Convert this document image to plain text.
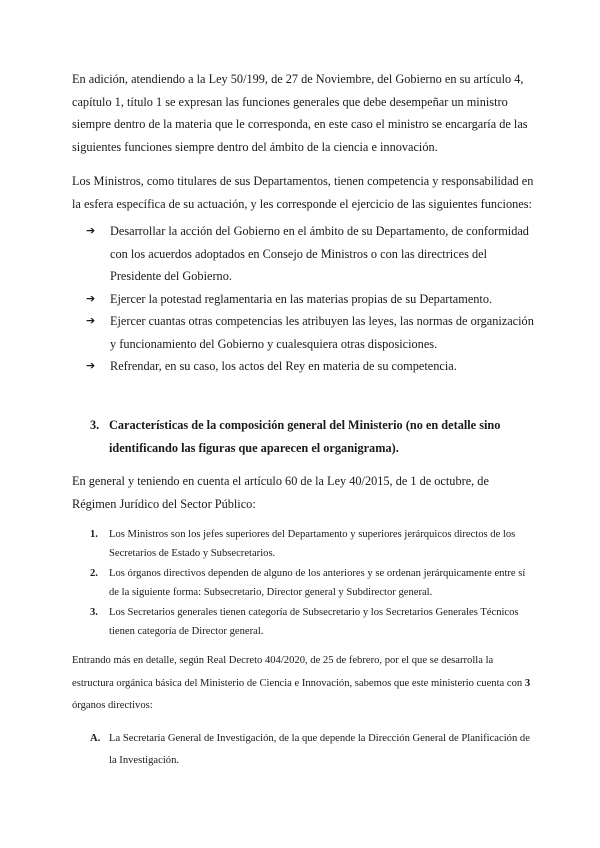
En adición, atendiendo a la Ley 50/199, de 27 de Noviembre, del Gobierno en su artículo 4, capítulo 1, título 1 se expresan las funciones generales que debe desempeñar un ministro siempre dentro de la materia que le corresponda, en este caso el ministro se encargaría de las siguientes funciones siempre dentro del ámbito de la ciencia e innovación.
Los Ministros, como titulares de sus Departamentos, tienen competencia y responsabilidad en la esfera específica de su actuación, y les corresponde el ejercicio de las siguientes funciones:
➔ Desarrollar la acción del Gobierno en el ámbito de su Departamento, de conformidad con los acuerdos adoptados en Consejo de Ministros o con las directrices del Presidente del Gobierno.
➔ Ejercer la potestad reglamentaria en las materias propias de su Departamento.
➔ Ejercer cuantas otras competencias les atribuyen las leyes, las normas de organización y funcionamiento del Gobierno y cualesquiera otras disposiciones.
➔ Refrendar, en su caso, los actos del Rey en materia de su competencia.
3. Características de la composición general del Ministerio (no en detalle sino identificando las figuras que aparecen el organigrama).
En general y teniendo en cuenta el artículo 60 de la Ley 40/2015, de 1 de octubre, de Régimen Jurídico del Sector Público:
1. Los Ministros son los jefes superiores del Departamento y superiores jerárquicos directos de los Secretarios de Estado y Subsecretarios.
2. Los órganos directivos dependen de alguno de los anteriores y se ordenan jerárquicamente entre sí de la siguiente forma: Subsecretario, Director general y Subdirector general.
3. Los Secretarios generales tienen categoría de Subsecretario y los Secretarios Generales Técnicos tienen categoría de Director general.
Entrando más en detalle, según Real Decreto 404/2020, de 25 de febrero, por el que se desarrolla la estructura orgánica básica del Ministerio de Ciencia e Innovación, sabemos que este ministerio cuenta con 3 órganos directivos:
A. La Secretaría General de Investigación, de la que depende la Dirección General de Planificación de la Investigación.
